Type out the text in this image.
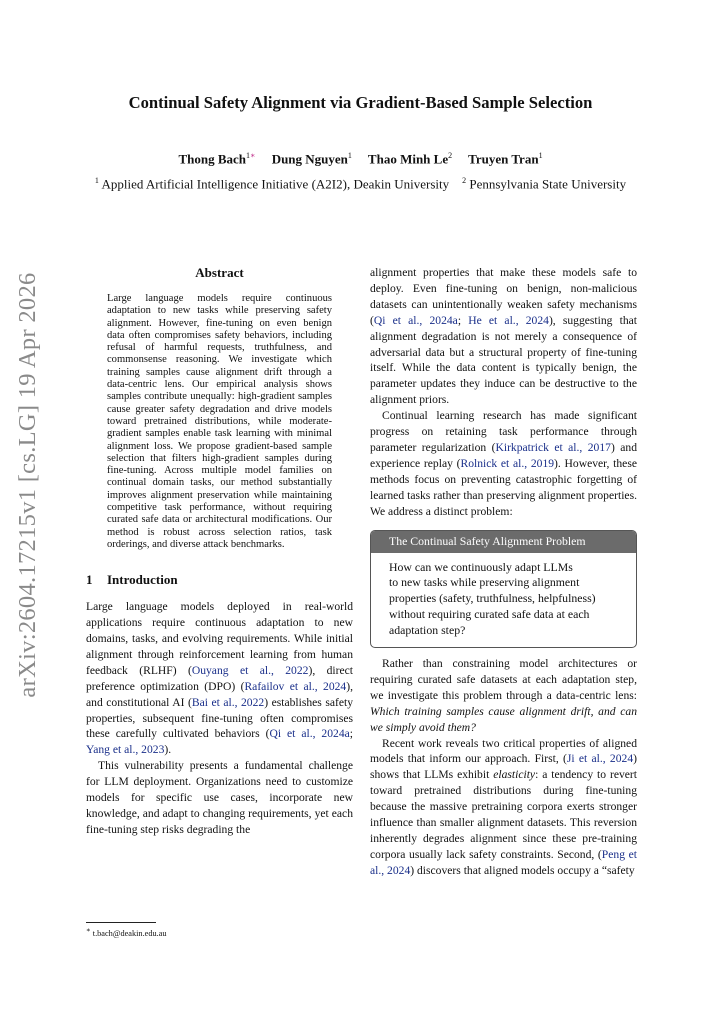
Continual Safety Alignment via Gradient-Based Sample Selection
Thong Bach$^{1∗}$ Dung Nguyen$^1$ Thao Minh Le$^2$ Truyen Tran$^1$
$^1$ Applied Artificial Intelligence Initiative (A2I2), Deakin University $^2$ Pennsylvania State University
arXiv:2604.17215v1 [cs.LG] 19 Apr 2026	Abstract
Large language models require continuous adaptation to new tasks while preserving safety alignment. However, fine-tuning on even benign data often compromises safety behaviors, including refusal of harmful requests, truthfulness, and commonsense reasoning. We investigate which training samples cause alignment drift through a data-centric lens. Our empirical analysis shows samples contribute unequally: high-gradient samples cause greater safety degradation and drive models toward pretrained distributions, while moderate-gradient samples enable task learning with minimal alignment loss. We propose gradient-based sample selection that filters high-gradient samples during fine-tuning. Across multiple model families on continual domain tasks, our method substantially improves alignment preservation while maintaining competitive task performance, without requiring curated safe data or architectural modifications. Our method is robust across selection ratios, task orderings, and diverse attack benchmarks.
1 Introduction

Large language models deployed in real-world applications require continuous adaptation to new domains, tasks, and evolving requirements. While initial alignment through reinforcement learning from human feedback (RLHF) (Ouyang et al., 2022), direct preference optimization (DPO) (Rafailov et al., 2024), and constitutional AI (Bai et al., 2022) establishes safety properties, subsequent fine-tuning often compromises these carefully cultivated behaviors (Qi et al., 2024a; Yang et al., 2023).

This vulnerability presents a fundamental challenge for LLM deployment. Organizations need to customize models for specific use cases, incorporate new knowledge, and adapt to changing requirements, yet each fine-tuning step risks degrading the

∗ t.bach@deakin.edu.au

alignment properties that make these models safe to deploy. Even fine-tuning on benign, non-malicious datasets can unintentionally weaken safety mechanisms (Qi et al., 2024a; He et al., 2024), suggesting that alignment degradation is not merely a consequence of adversarial data but a structural property of fine-tuning itself. While the data content is typically benign, the parameter updates they induce can be destructive to the alignment priors.

Continual learning research has made significant progress on retaining task performance through parameter regularization (Kirkpatrick et al., 2017) and experience replay (Rolnick et al., 2019). However, these methods focus on preventing catastrophic forgetting of learned tasks rather than preserving alignment properties. We address a distinct problem:

The Continual Safety Alignment Problem
How can we continuously adapt LLMs
to new tasks while preserving alignment
properties (safety, truthfulness, helpfulness)
without requiring curated safe data at each
adaptation step?

Rather than constraining model architectures or requiring curated safe datasets at each adaptation step, we investigate this problem through a data-centric lens: Which training samples cause alignment drift, and can we simply avoid them?

Recent work reveals two critical properties of aligned models that inform our approach. First, (Ji et al., 2024) shows that LLMs exhibit elasticity: a tendency to revert toward pretrained distributions during fine-tuning because the massive pretraining corpora exerts stronger influence than smaller alignment datasets. This reversion inherently degrades alignment since these pre-training corpora usually lack safety constraints. Second, (Peng et al., 2024) discovers that aligned models occupy a “safety
